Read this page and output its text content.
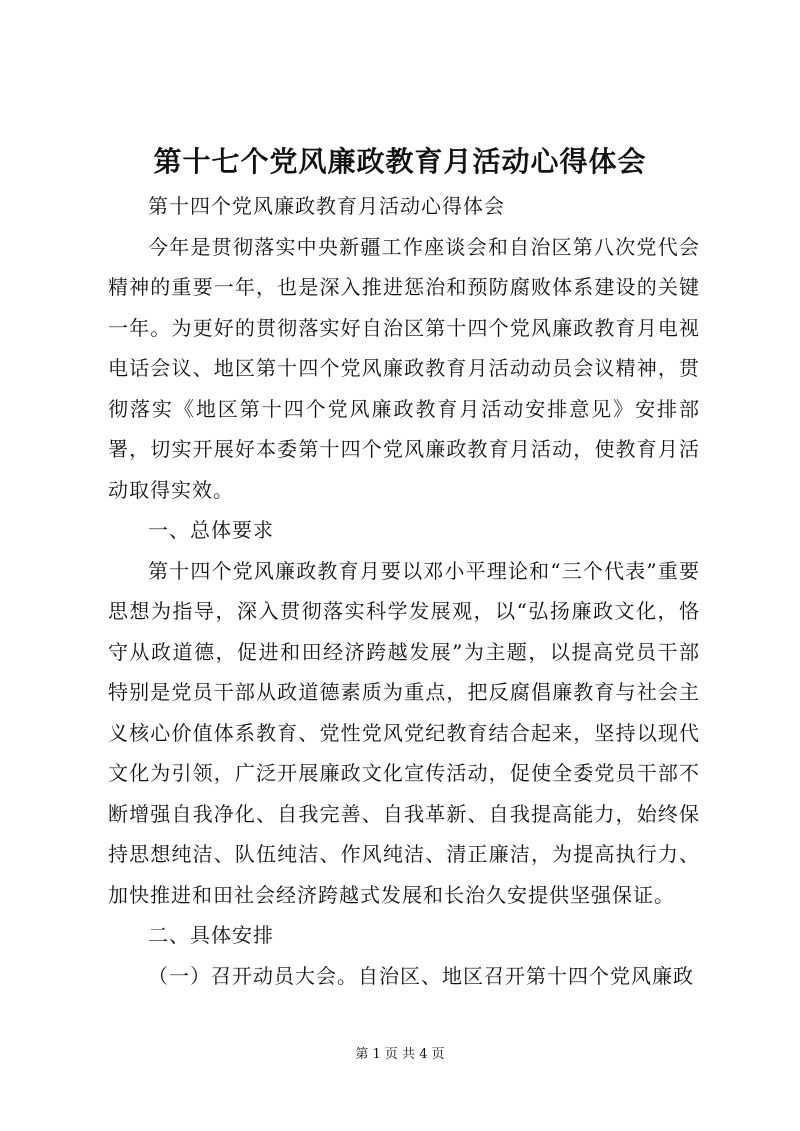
第十七个党风廉政教育月活动心得体会

第十四个党风廉政教育月活动心得体会

今年是贯彻落实中央新疆工作座谈会和自治区第八次党代会精神的重要一年，也是深入推进惩治和预防腐败体系建设的关键一年。为更好的贯彻落实好自治区第十四个党风廉政教育月电视电话会议、地区第十四个党风廉政教育月活动动员会议精神，贯彻落实《地区第十四个党风廉政教育月活动安排意见》安排部署，切实开展好本委第十四个党风廉政教育月活动，使教育月活动取得实效。

一、总体要求

第十四个党风廉政教育月要以邓小平理论和“三个代表”重要思想为指导，深入贯彻落实科学发展观，以“弘扬廉政文化，恪守从政道德，促进和田经济跨越发展”为主题，以提高党员干部特别是党员干部从政道德素质为重点，把反腐倡廉教育与社会主义核心价值体系教育、党性党风党纪教育结合起来，坚持以现代文化为引领，广泛开展廉政文化宣传活动，促使全委党员干部不断增强自我净化、自我完善、自我革新、自我提高能力，始终保持思想纯洁、队伍纯洁、作风纯洁、清正廉洁，为提高执行力、加快推进和田社会经济跨越式发展和长治久安提供坚强保证。

二、具体安排

（一）召开动员大会。自治区、地区召开第十四个党风廉政

第 1 页 共 4 页
